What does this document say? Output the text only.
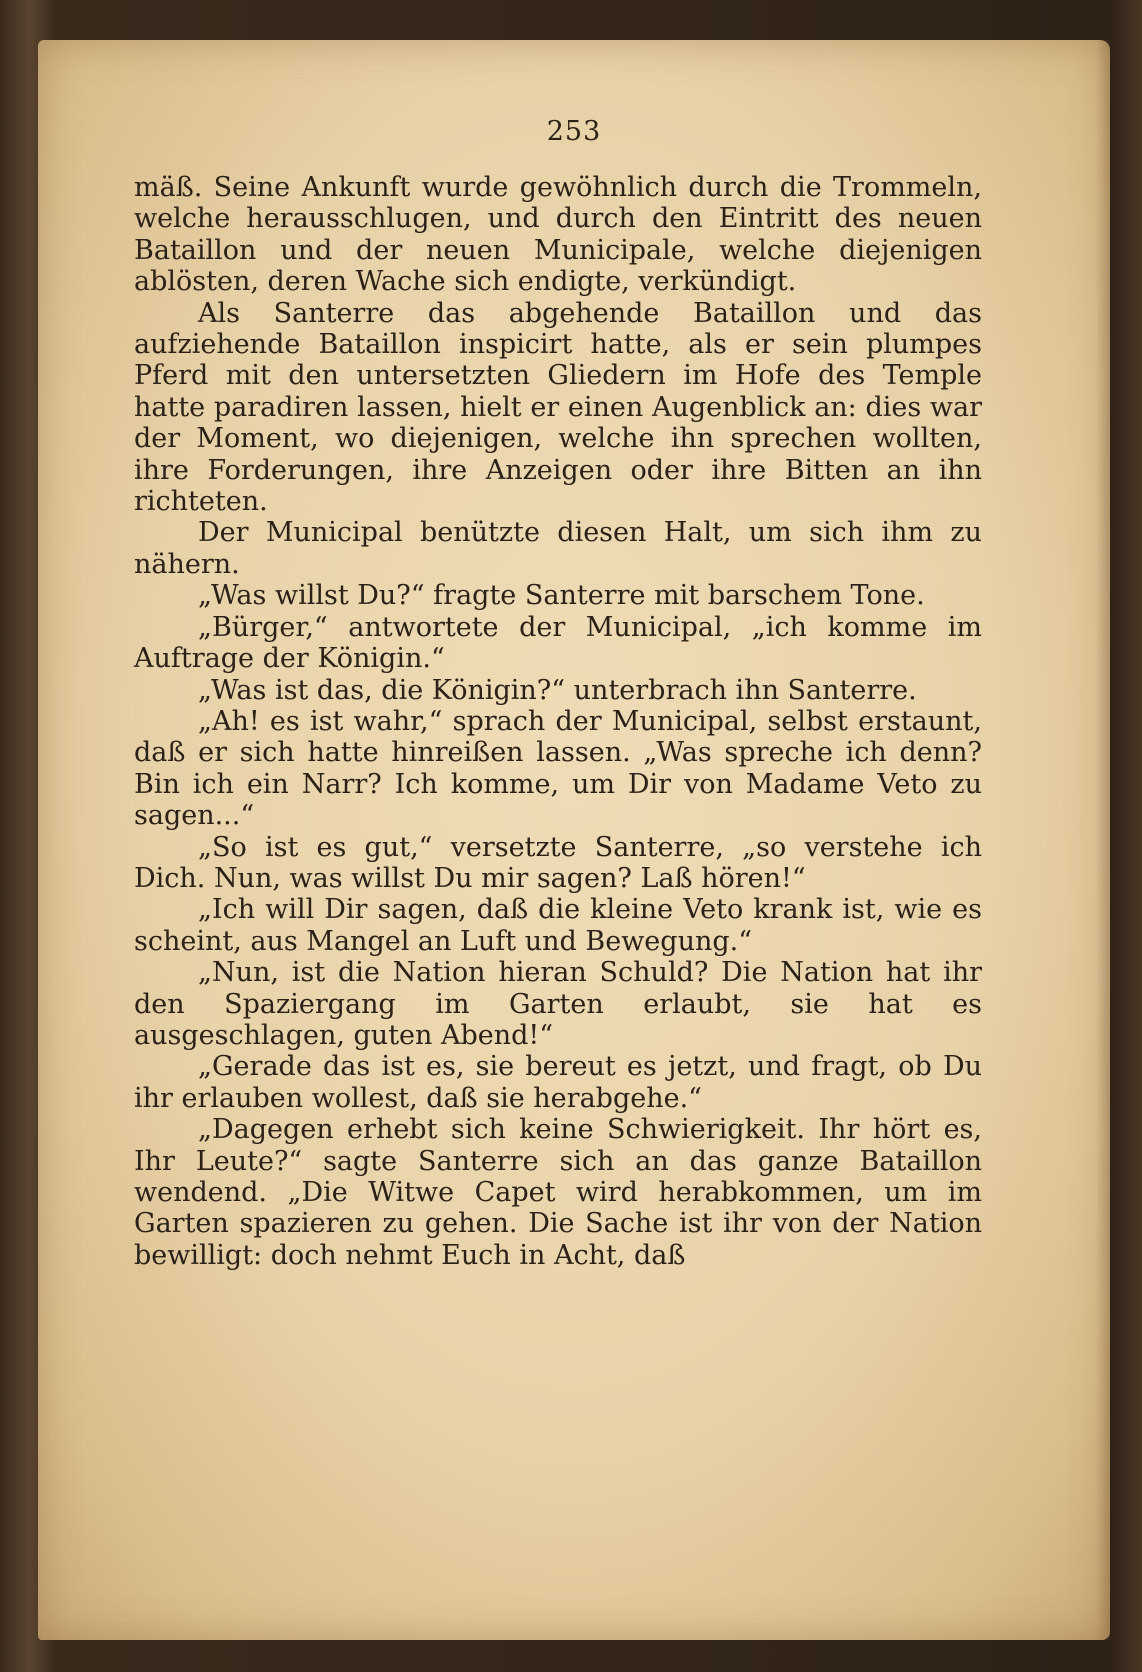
253

mäß. Seine Ankunft wurde gewöhnlich durch die Trommeln, welche herausschlugen, und durch den Eintritt des neuen Bataillon und der neuen Municipale, welche diejenigen ablösten, deren Wache sich endigte, verkündigt.

Als Santerre das abgehende Bataillon und das aufziehende Bataillon inspicirt hatte, als er sein plumpes Pferd mit den untersetzten Gliedern im Hofe des Temple hatte paradiren lassen, hielt er einen Augenblick an: dies war der Moment, wo diejenigen, welche ihn sprechen wollten, ihre Forderungen, ihre Anzeigen oder ihre Bitten an ihn richteten.

Der Municipal benützte diesen Halt, um sich ihm zu nähern.

„Was willst Du?“ fragte Santerre mit barschem Tone.

„Bürger,“ antwortete der Municipal, „ich komme im Auftrage der Königin.“

„Was ist das, die Königin?“ unterbrach ihn Santerre.

„Ah! es ist wahr,“ sprach der Municipal, selbst erstaunt, daß er sich hatte hinreißen lassen. „Was spreche ich denn? Bin ich ein Narr? Ich komme, um Dir von Madame Veto zu sagen...“

„So ist es gut,“ versetzte Santerre, „so verstehe ich Dich. Nun, was willst Du mir sagen? Laß hören!“

„Ich will Dir sagen, daß die kleine Veto krank ist, wie es scheint, aus Mangel an Luft und Bewegung.“

„Nun, ist die Nation hieran Schuld? Die Nation hat ihr den Spaziergang im Garten erlaubt, sie hat es ausgeschlagen, guten Abend!“

„Gerade das ist es, sie bereut es jetzt, und fragt, ob Du ihr erlauben wollest, daß sie herabgehe.“

„Dagegen erhebt sich keine Schwierigkeit. Ihr hört es, Ihr Leute?“ sagte Santerre sich an das ganze Bataillon wendend. „Die Witwe Capet wird herabkommen, um im Garten spazieren zu gehen. Die Sache ist ihr von der Nation bewilligt: doch nehmt Euch in Acht, daß
